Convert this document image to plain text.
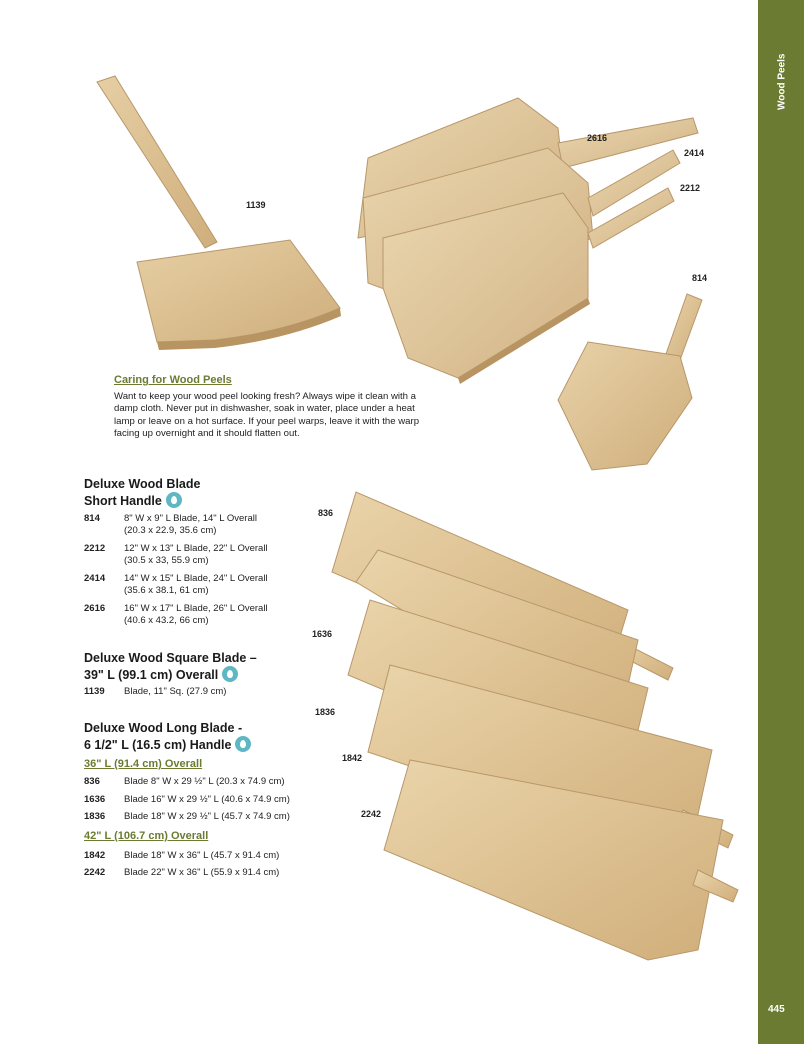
Wood Peels
445
1139
2616
2414
2212
814
836
1636
1836
1842
2242
Caring for Wood Peels
Want to keep your wood peel looking fresh? Always wipe it clean with a damp cloth. Never put in dishwasher, soak in water, place under a heat lamp or leave on a hot surface. If your peel warps, leave it with the warp facing up overnight and it should flatten out.
Deluxe Wood Blade
Short Handle
814	8" W x 9" L Blade, 14" L Overall
(20.3 x 22.9, 35.6 cm)
2212	12" W x 13" L Blade, 22" L Overall
(30.5 x 33, 55.9 cm)
2414	14" W x 15" L Blade, 24" L Overall
(35.6 x 38.1, 61 cm)
2616	16" W x 17" L Blade, 26" L Overall
(40.6 x 43.2, 66 cm)
Deluxe Wood Square Blade –
39" L (99.1 cm) Overall
1139	Blade, 11" Sq. (27.9 cm)
Deluxe Wood Long Blade -
6 1/2" L (16.5 cm) Handle
36" L (91.4 cm) Overall
836	Blade 8" W x 29 ½" L (20.3 x 74.9 cm)
1636	Blade 16" W x 29 ½" L (40.6 x 74.9 cm)
1836	Blade 18" W x 29 ½" L (45.7 x 74.9 cm)
42" L (106.7 cm) Overall
1842	Blade 18" W x 36" L (45.7 x 91.4 cm)
2242	Blade 22" W x 36" L (55.9 x 91.4 cm)
